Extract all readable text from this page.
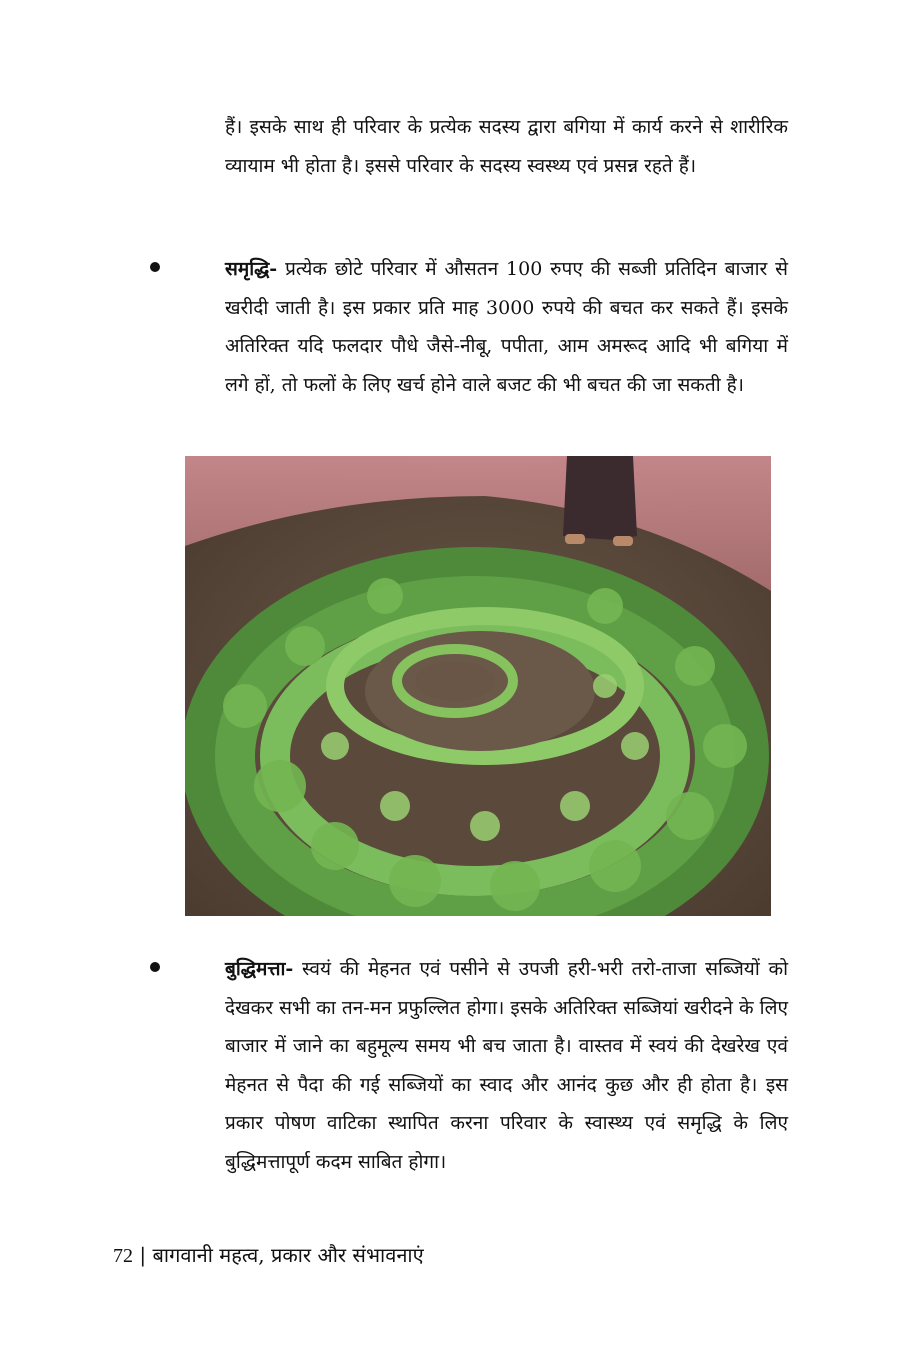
हैं। इसके साथ ही परिवार के प्रत्येक सदस्य द्वारा बगिया में कार्य करने से शारीरिक व्यायाम भी होता है। इससे परिवार के सदस्य स्वस्थ्य एवं प्रसन्न रहते हैं।

समृद्धि- प्रत्येक छोटे परिवार में औसतन 100 रुपए की सब्जी प्रतिदिन बाजार से खरीदी जाती है। इस प्रकार प्रति माह 3000 रुपये की बचत कर सकते हैं। इसके अतिरिक्त यदि फलदार पौधे जैसे-नीबू, पपीता, आम अमरूद आदि भी बगिया में लगे हों, तो फलों के लिए खर्च होने वाले बजट की भी बचत की जा सकती है।

बुद्धिमत्ता- स्वयं की मेहनत एवं पसीने से उपजी हरी-भरी तरो-ताजा सब्जियों को देखकर सभी का तन-मन प्रफुल्लित होगा। इसके अतिरिक्त सब्जियां खरीदने के लिए बाजार में जाने का बहुमूल्य समय भी बच जाता है। वास्तव में स्वयं की देखरेख एवं मेहनत से पैदा की गई सब्जियों का स्वाद और आनंद कुछ और ही होता है। इस प्रकार पोषण वाटिका स्थापित करना परिवार के स्वास्थ्य एवं समृद्धि के लिए बुद्धिमत्तापूर्ण कदम साबित होगा।

72 | बागवानी महत्व, प्रकार और संभावनाएं
